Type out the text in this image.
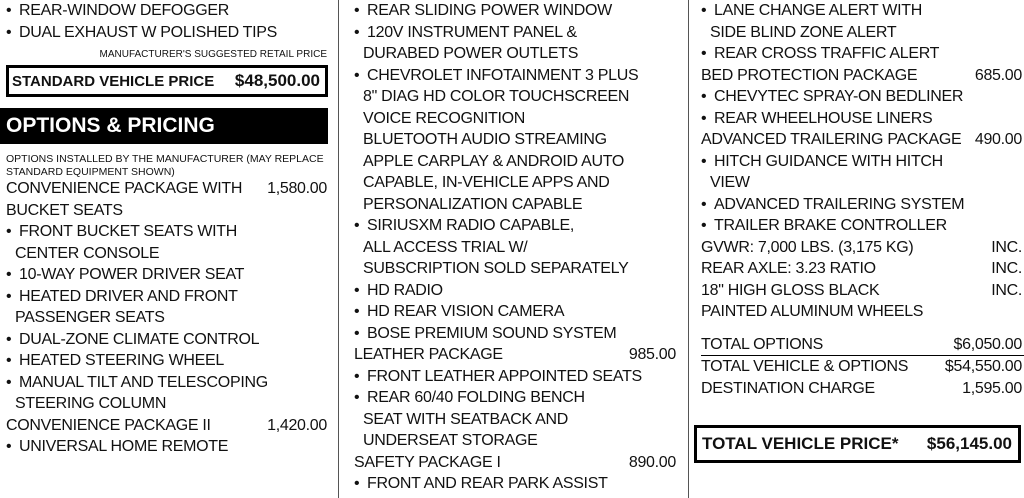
• REAR-WINDOW DEFOGGER
• DUAL EXHAUST W POLISHED TIPS
MANUFACTURER'S SUGGESTED RETAIL PRICE
STANDARD VEHICLE PRICE $48,500.00
OPTIONS & PRICING
OPTIONS INSTALLED BY THE MANUFACTURER (MAY REPLACE STANDARD EQUIPMENT SHOWN)
CONVENIENCE PACKAGE WITH 1,580.00
BUCKET SEATS
• FRONT BUCKET SEATS WITH
CENTER CONSOLE
• 10-WAY POWER DRIVER SEAT
• HEATED DRIVER AND FRONT
PASSENGER SEATS
• DUAL-ZONE CLIMATE CONTROL
• HEATED STEERING WHEEL
• MANUAL TILT AND TELESCOPING
STEERING COLUMN
CONVENIENCE PACKAGE II	1,420.00
• UNIVERSAL HOME REMOTE
• REAR SLIDING POWER WINDOW
• 120V INSTRUMENT PANEL &
DURABED POWER OUTLETS
• CHEVROLET INFOTAINMENT 3 PLUS
8" DIAG HD COLOR TOUCHSCREEN
VOICE RECOGNITION
BLUETOOTH AUDIO STREAMING
APPLE CARPLAY & ANDROID AUTO
CAPABLE, IN-VEHICLE APPS AND
PERSONALIZATION CAPABLE
• SIRIUSXM RADIO CAPABLE,
ALL ACCESS TRIAL W/
SUBSCRIPTION SOLD SEPARATELY
• HD RADIO
• HD REAR VISION CAMERA
• BOSE PREMIUM SOUND SYSTEM
LEATHER PACKAGE	985.00
• FRONT LEATHER APPOINTED SEATS
• REAR 60/40 FOLDING BENCH
SEAT WITH SEATBACK AND
UNDERSEAT STORAGE
SAFETY PACKAGE I	890.00
• FRONT AND REAR PARK ASSIST
• LANE CHANGE ALERT WITH
SIDE BLIND ZONE ALERT
• REAR CROSS TRAFFIC ALERT
BED PROTECTION PACKAGE	685.00
• CHEVYTEC SPRAY-ON BEDLINER
• REAR WHEELHOUSE LINERS
ADVANCED TRAILERING PACKAGE 490.00
• HITCH GUIDANCE WITH HITCH
VIEW
• ADVANCED TRAILERING SYSTEM
• TRAILER BRAKE CONTROLLER
GVWR: 7,000 LBS. (3,175 KG)	INC.
REAR AXLE: 3.23 RATIO	INC.
18" HIGH GLOSS BLACK	INC.
PAINTED ALUMINUM WHEELS
TOTAL OPTIONS	$6,050.00
TOTAL VEHICLE & OPTIONS $54,550.00
DESTINATION CHARGE	1,595.00
TOTAL VEHICLE PRICE* $56,145.00
